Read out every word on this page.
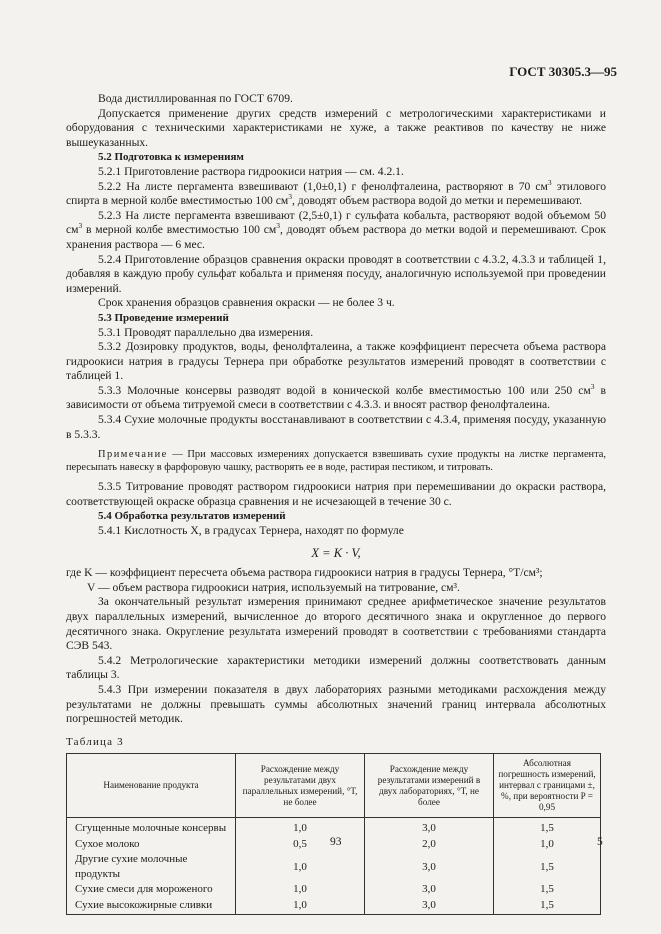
ГОСТ 30305.3—95

Вода дистиллированная по ГОСТ 6709.

Допускается применение других средств измерений с метрологическими характеристиками и оборудования с техническими характеристиками не хуже, а также реактивов по качеству не ниже вышеуказанных.

5.2 Подготовка к измерениям

5.2.1 Приготовление раствора гидроокиси натрия — см. 4.2.1.

5.2.2 На листе пергамента взвешивают (1,0±0,1) г фенолфталеина, растворяют в 70 $см^3$ этилового спирта в мерной колбе вместимостью 100 $см^3$, доводят объем раствора водой до метки и перемешивают.

5.2.3 На листе пергамента взвешивают (2,5±0,1) г сульфата кобальта, растворяют водой объемом 50 $см^3$ в мерной колбе вместимостью 100 $см^3$, доводят объем раствора до метки водой и перемешивают. Срок хранения раствора — 6 мес.

5.2.4 Приготовление образцов сравнения окраски проводят в соответствии с 4.3.2, 4.3.3 и таблицей 1, добавляя в каждую пробу сульфат кобальта и применяя посуду, аналогичную используемой при проведении измерений.

Срок хранения образцов сравнения окраски — не более 3 ч.

5.3 Проведение измерений

5.3.1 Проводят параллельно два измерения.

5.3.2 Дозировку продуктов, воды, фенолфталеина, а также коэффициент пересчета объема раствора гидроокиси натрия в градусы Тернера при обработке результатов измерений проводят в соответствии с таблицей 1.

5.3.3 Молочные консервы разводят водой в конической колбе вместимостью 100 или 250 $см^3$ в зависимости от объема титруемой смеси в соответствии с 4.3.3. и вносят раствор фенолфталеина.

5.3.4 Сухие молочные продукты восстанавливают в соответствии с 4.3.4, применяя посуду, указанную в 5.3.3.

Примечание — При массовых измерениях допускается взвешивать сухие продукты на листке пергамента, пересыпать навеску в фарфоровую чашку, растворять ее в воде, растирая пестиком, и титровать.

5.3.5 Титрование проводят раствором гидроокиси натрия при перемешивании до окраски раствора, соответствующей окраске образца сравнения и не исчезающей в течение 30 с.

5.4 Обработка результатов измерений

5.4.1 Кислотность X, в градусах Тернера, находят по формуле

X = K · V,

где K — коэффициент пересчета объема раствора гидроокиси натрия в градусы Тернера, °Т/см³;

V — объем раствора гидроокиси натрия, используемый на титрование, см³.

За окончательный результат измерения принимают среднее арифметическое значение результатов двух параллельных измерений, вычисленное до второго десятичного знака и округленное до первого десятичного знака. Округление результата измерений проводят в соответствии с требованиями стандарта СЭВ 543.

5.4.2 Метрологические характеристики методики измерений должны соответствовать данным таблицы 3.

5.4.3 При измерении показателя в двух лабораториях разными методиками расхождения между результатами не должны превышать суммы абсолютных значений границ интервала абсолютных погрешностей методик.

Таблица 3

Наименование продукта	Расхождение между результатами двух параллельных измерений, °Т, не более	Расхождение между результатами измерений в двух лабораториях, °Т, не более	Абсолютная погрешность измерений, интервал с границами ±, %, при вероятности P = 0,95
Сгущенные молочные консервы	1,0	3,0	1,5
Сухое молоко	0,5	2,0	1,0
Другие сухие молочные продукты	1,0	3,0	1,5
Сухие смеси для мороженого	1,0	3,0	1,5
Сухие высокожирные сливки	1,0	3,0	1,5
93	5
